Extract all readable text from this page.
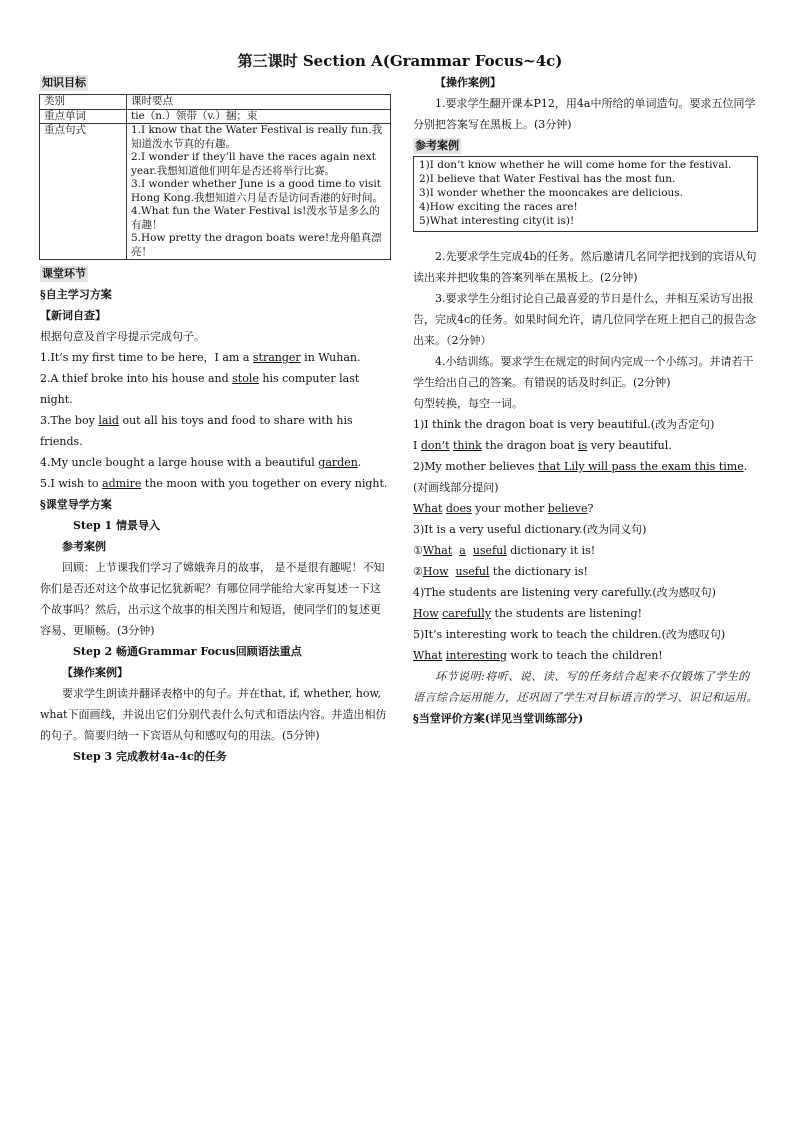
第三课时 Section A(Grammar Focus~4c)
知识目标
类别	课时要点
重点单词	tie（n.）领带（v.）捆；束
重点句式	1.I know that the Water Festival is really fun.我知道泼水节真的有趣。
2.I wonder if they’ll have the races again next year.我想知道他们明年是否还将举行比赛。
3.I wonder whether June is a good time to visit Hong Kong.我想知道六月是否是访问香港的好时间。
4.What fun the Water Festival is!泼水节是多么的有趣！
5.How pretty the dragon boats were!龙舟船真漂亮！
课堂环节
§自主学习方案
【新词自查】
根据句意及首字母提示完成句子。
1.It’s my first time to be here，I am a stranger in Wuhan.
2.A thief broke into his house and stole his computer last night.
3.The boy laid out all his toys and food to share with his friends.
4.My uncle bought a large house with a beautiful garden.
5.I wish to admire the moon with you together on every night.
§课堂导学方案
Step 1 情景导入
参考案例

回顾：上节课我们学习了嫦娥奔月的故事， 是不是很有趣呢！不知你们是否还对这个故事记忆犹新呢？有哪位同学能给大家再复述一下这个故事吗？然后，出示这个故事的相关图片和短语，使同学们的复述更容易、更顺畅。(3分钟)

Step 2 畅通Grammar Focus回顾语法重点
【操作案例】

要求学生朗读并翻译表格中的句子。并在that, if, whether, how, what下面画线，并说出它们分别代表什么句式和语法内容。并造出相仿的句子。简要归纳一下宾语从句和感叹句的用法。(5分钟)

Step 3 完成教材4a-4c的任务
【操作案例】

1.要求学生翻开课本P12，用4a中所给的单词造句。要求五位同学分别把答案写在黑板上。(3分钟)

参考案例
1)I don’t know whether he will come home for the festival.
2)I believe that Water Festival has the most fun.
3)I wonder whether the mooncakes are delicious.
4)How exciting the races are!
5)What interesting city(it is)!

2.先要求学生完成4b的任务。然后邀请几名同学把找到的宾语从句读出来并把收集的答案列举在黑板上。(2分钟)

3.要求学生分组讨论自己最喜爱的节日是什么，并相互采访写出报告，完成4c的任务。如果时间允许，请几位同学在班上把自己的报告念出来。（2分钟）

4.小结训练。要求学生在规定的时间内完成一个小练习。并请若干学生给出自己的答案。有错误的话及时纠正。(2分钟)

句型转换，每空一词。
1)I think the dragon boat is very beautiful.(改为否定句)
I don’t think the dragon boat is very beautiful.
2)My mother believes that Lily will pass the exam this time.(对画线部分提问)
What does your mother believe?
3)It is a very useful dictionary.(改为同义句)
①What a useful dictionary it is!
②How useful the dictionary is!
4)The students are listening very carefully.(改为感叹句)
How carefully the students are listening!
5)It’s interesting work to teach the children.(改为感叹句)
What interesting work to teach the children!

环节说明:将听、说、读、写的任务结合起来不仅锻炼了学生的语言综合运用能力，还巩固了学生对目标语言的学习、识记和运用。

§当堂评价方案(详见当堂训练部分)
